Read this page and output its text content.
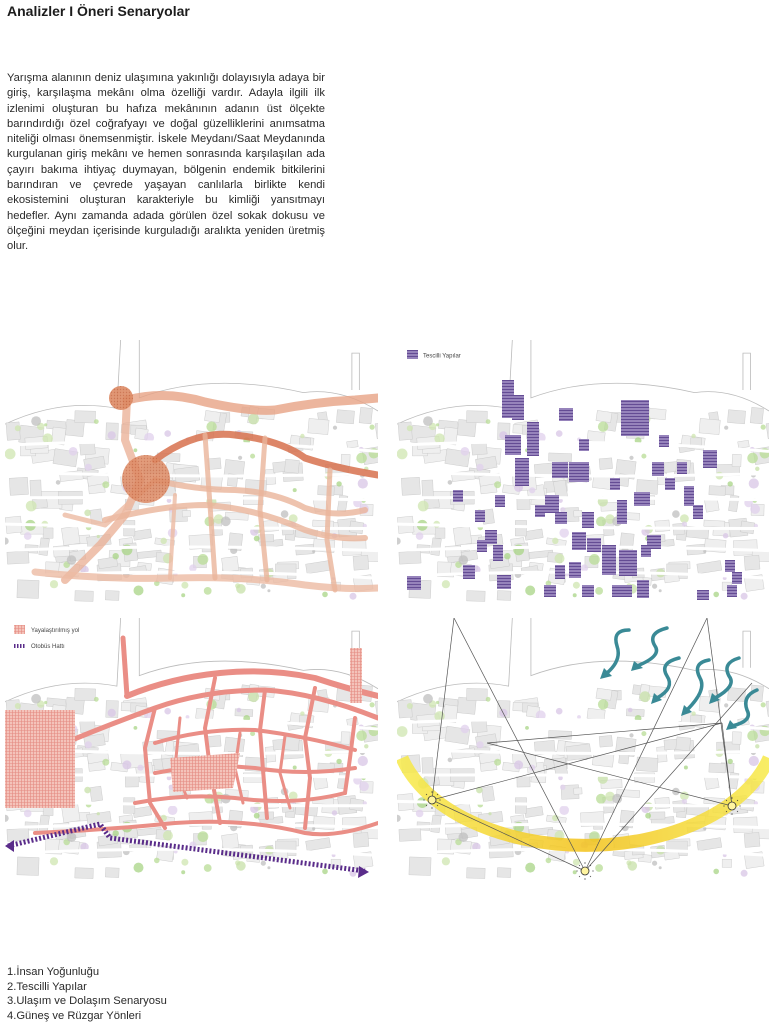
Analizler I Öneri Senaryolar

Yarışma alanının deniz ulaşımına yakınlığı dolayısıyla adaya bir giriş, karşılaşma mekânı olma özelliği vardır. Adayla ilgili ilk izlenimi oluşturan bu hafıza mekânının adanın üst ölçekte barındırdığı özel coğrafyayı ve doğal güzelliklerini anımsatma niteliği olması önemsenmiştir. İskele Meydanı/Saat Meydanında kurgulanan giriş mekânı ve hemen sonrasında karşılaşılan ada çayırı bakıma ihtiyaç duymayan, bölgenin endemik bitkilerini barındıran ve çevrede yaşayan canlılarla birlikte kendi ekosistemini oluşturan karakteriyle bu kimliği yansıtmayı hedefler. Aynı zamanda adada görülen özel sokak dokusu ve ölçeğini meydan içerisinde kurguladığı aralıkta yeniden üretmiş olur.

Tescilli Yapılar
Yayalaştırılmış yol
Otobüs Hattı
1.İnsan Yoğunluğu
2.Tescilli Yapılar
3.Ulaşım ve Dolaşım Senaryosu
4.Güneş ve Rüzgar Yönleri
